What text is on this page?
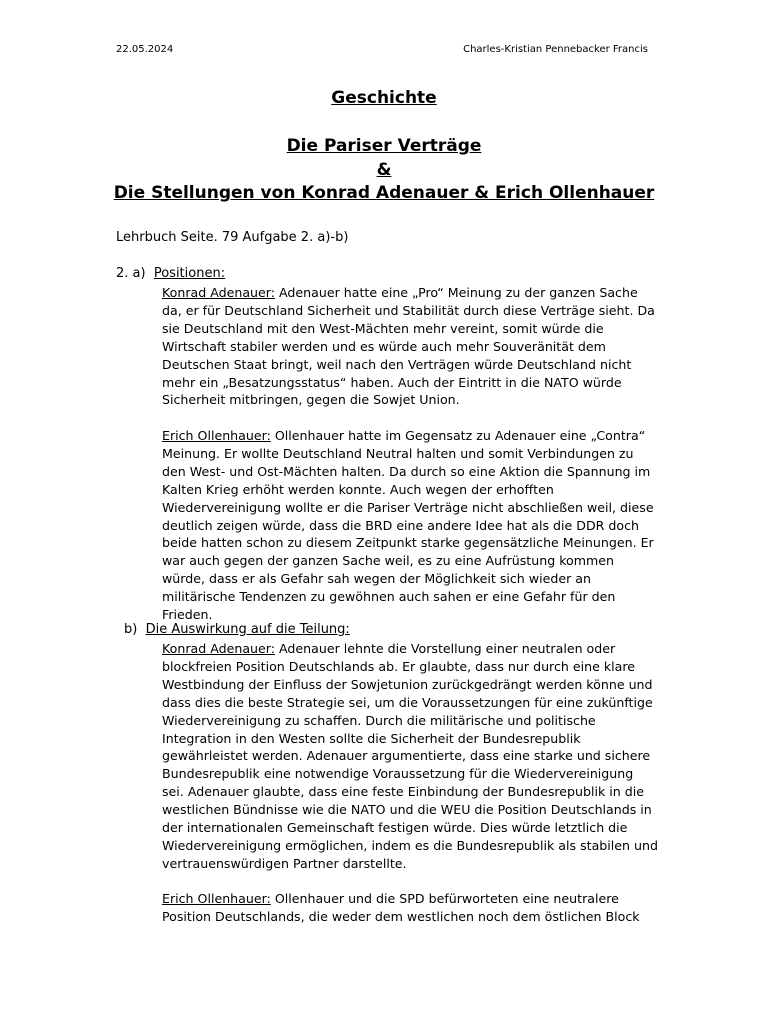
22.05.2024	Charles-Kristian Pennebacker Francis
Geschichte
Die Pariser Verträge
&
Die Stellungen von Konrad Adenauer & Erich Ollenhauer
Lehrbuch Seite. 79 Aufgabe 2. a)-b)
2. a) Positionen:
Konrad Adenauer: Adenauer hatte eine „Pro“ Meinung zu der ganzen Sache da, er für Deutschland Sicherheit und Stabilität durch diese Verträge sieht. Da sie Deutschland mit den West-Mächten mehr vereint, somit würde die Wirtschaft stabiler werden und es würde auch mehr Souveränität dem Deutschen Staat bringt, weil nach den Verträgen würde Deutschland nicht mehr ein „Besatzungsstatus“ haben. Auch der Eintritt in die NATO würde Sicherheit mitbringen, gegen die Sowjet Union.
Erich Ollenhauer: Ollenhauer hatte im Gegensatz zu Adenauer eine „Contra“ Meinung. Er wollte Deutschland Neutral halten und somit Verbindungen zu den West- und Ost-Mächten halten. Da durch so eine Aktion die Spannung im Kalten Krieg erhöht werden konnte. Auch wegen der erhofften Wiedervereinigung wollte er die Pariser Verträge nicht abschließen weil, diese deutlich zeigen würde, dass die BRD eine andere Idee hat als die DDR doch beide hatten schon zu diesem Zeitpunkt starke gegensätzliche Meinungen. Er war auch gegen der ganzen Sache weil, es zu eine Aufrüstung kommen würde, dass er als Gefahr sah wegen der Möglichkeit sich wieder an militärische Tendenzen zu gewöhnen auch sahen er eine Gefahr für den Frieden.
b) Die Auswirkung auf die Teilung:
Konrad Adenauer: Adenauer lehnte die Vorstellung einer neutralen oder blockfreien Position Deutschlands ab. Er glaubte, dass nur durch eine klare Westbindung der Einfluss der Sowjetunion zurückgedrängt werden könne und dass dies die beste Strategie sei, um die Voraussetzungen für eine zukünftige Wiedervereinigung zu schaffen. Durch die militärische und politische Integration in den Westen sollte die Sicherheit der Bundesrepublik gewährleistet werden. Adenauer argumentierte, dass eine starke und sichere Bundesrepublik eine notwendige Voraussetzung für die Wiedervereinigung sei. Adenauer glaubte, dass eine feste Einbindung der Bundesrepublik in die westlichen Bündnisse wie die NATO und die WEU die Position Deutschlands in der internationalen Gemeinschaft festigen würde. Dies würde letztlich die Wiedervereinigung ermöglichen, indem es die Bundesrepublik als stabilen und vertrauenswürdigen Partner darstellte.
Erich Ollenhauer: Ollenhauer und die SPD befürworteten eine neutralere Position Deutschlands, die weder dem westlichen noch dem östlichen Block
